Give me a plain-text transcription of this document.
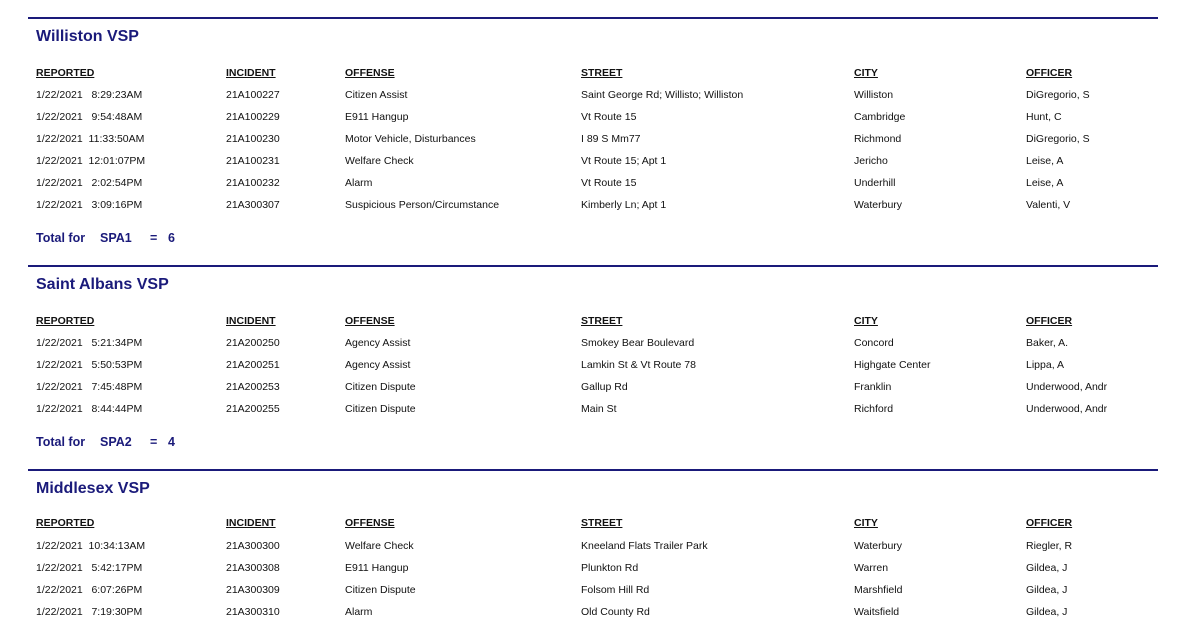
Williston VSP
REPORTED	INCIDENT	OFFENSE	STREET	CITY	OFFICER
1/22/2021   8:29:23AM	21A100227	Citizen Assist	Saint George Rd; Willisto; Williston	Williston	DiGregorio, S
1/22/2021   9:54:48AM	21A100229	E911 Hangup	Vt Route 15	Cambridge	Hunt, C
1/22/2021  11:33:50AM	21A100230	Motor Vehicle, Disturbances	I 89 S Mm77	Richmond	DiGregorio, S
1/22/2021  12:01:07PM	21A100231	Welfare Check	Vt Route 15; Apt 1	Jericho	Leise, A
1/22/2021   2:02:54PM	21A100232	Alarm	Vt Route 15	Underhill	Leise, A
1/22/2021   3:09:16PM	21A300307	Suspicious Person/Circumstance	Kimberly Ln; Apt 1	Waterbury	Valenti, V

Total for

SPA1

=

6

Saint Albans VSP
REPORTED	INCIDENT	OFFENSE	STREET	CITY	OFFICER
1/22/2021   5:21:34PM	21A200250	Agency Assist	Smokey Bear Boulevard	Concord	Baker, A.
1/22/2021   5:50:53PM	21A200251	Agency Assist	Lamkin St & Vt Route 78	Highgate Center	Lippa, A
1/22/2021   7:45:48PM	21A200253	Citizen Dispute	Gallup Rd	Franklin	Underwood, Andr
1/22/2021   8:44:44PM	21A200255	Citizen Dispute	Main St	Richford	Underwood, Andr

Total for

SPA2

=

4

Middlesex VSP
REPORTED	INCIDENT	OFFENSE	STREET	CITY	OFFICER
1/22/2021  10:34:13AM	21A300300	Welfare Check	Kneeland Flats Trailer Park	Waterbury	Riegler, R
1/22/2021   5:42:17PM	21A300308	E911 Hangup	Plunkton Rd	Warren	Gildea, J
1/22/2021   6:07:26PM	21A300309	Citizen Dispute	Folsom Hill Rd	Marshfield	Gildea, J
1/22/2021   7:19:30PM	21A300310	Alarm	Old County Rd	Waitsfield	Gildea, J
